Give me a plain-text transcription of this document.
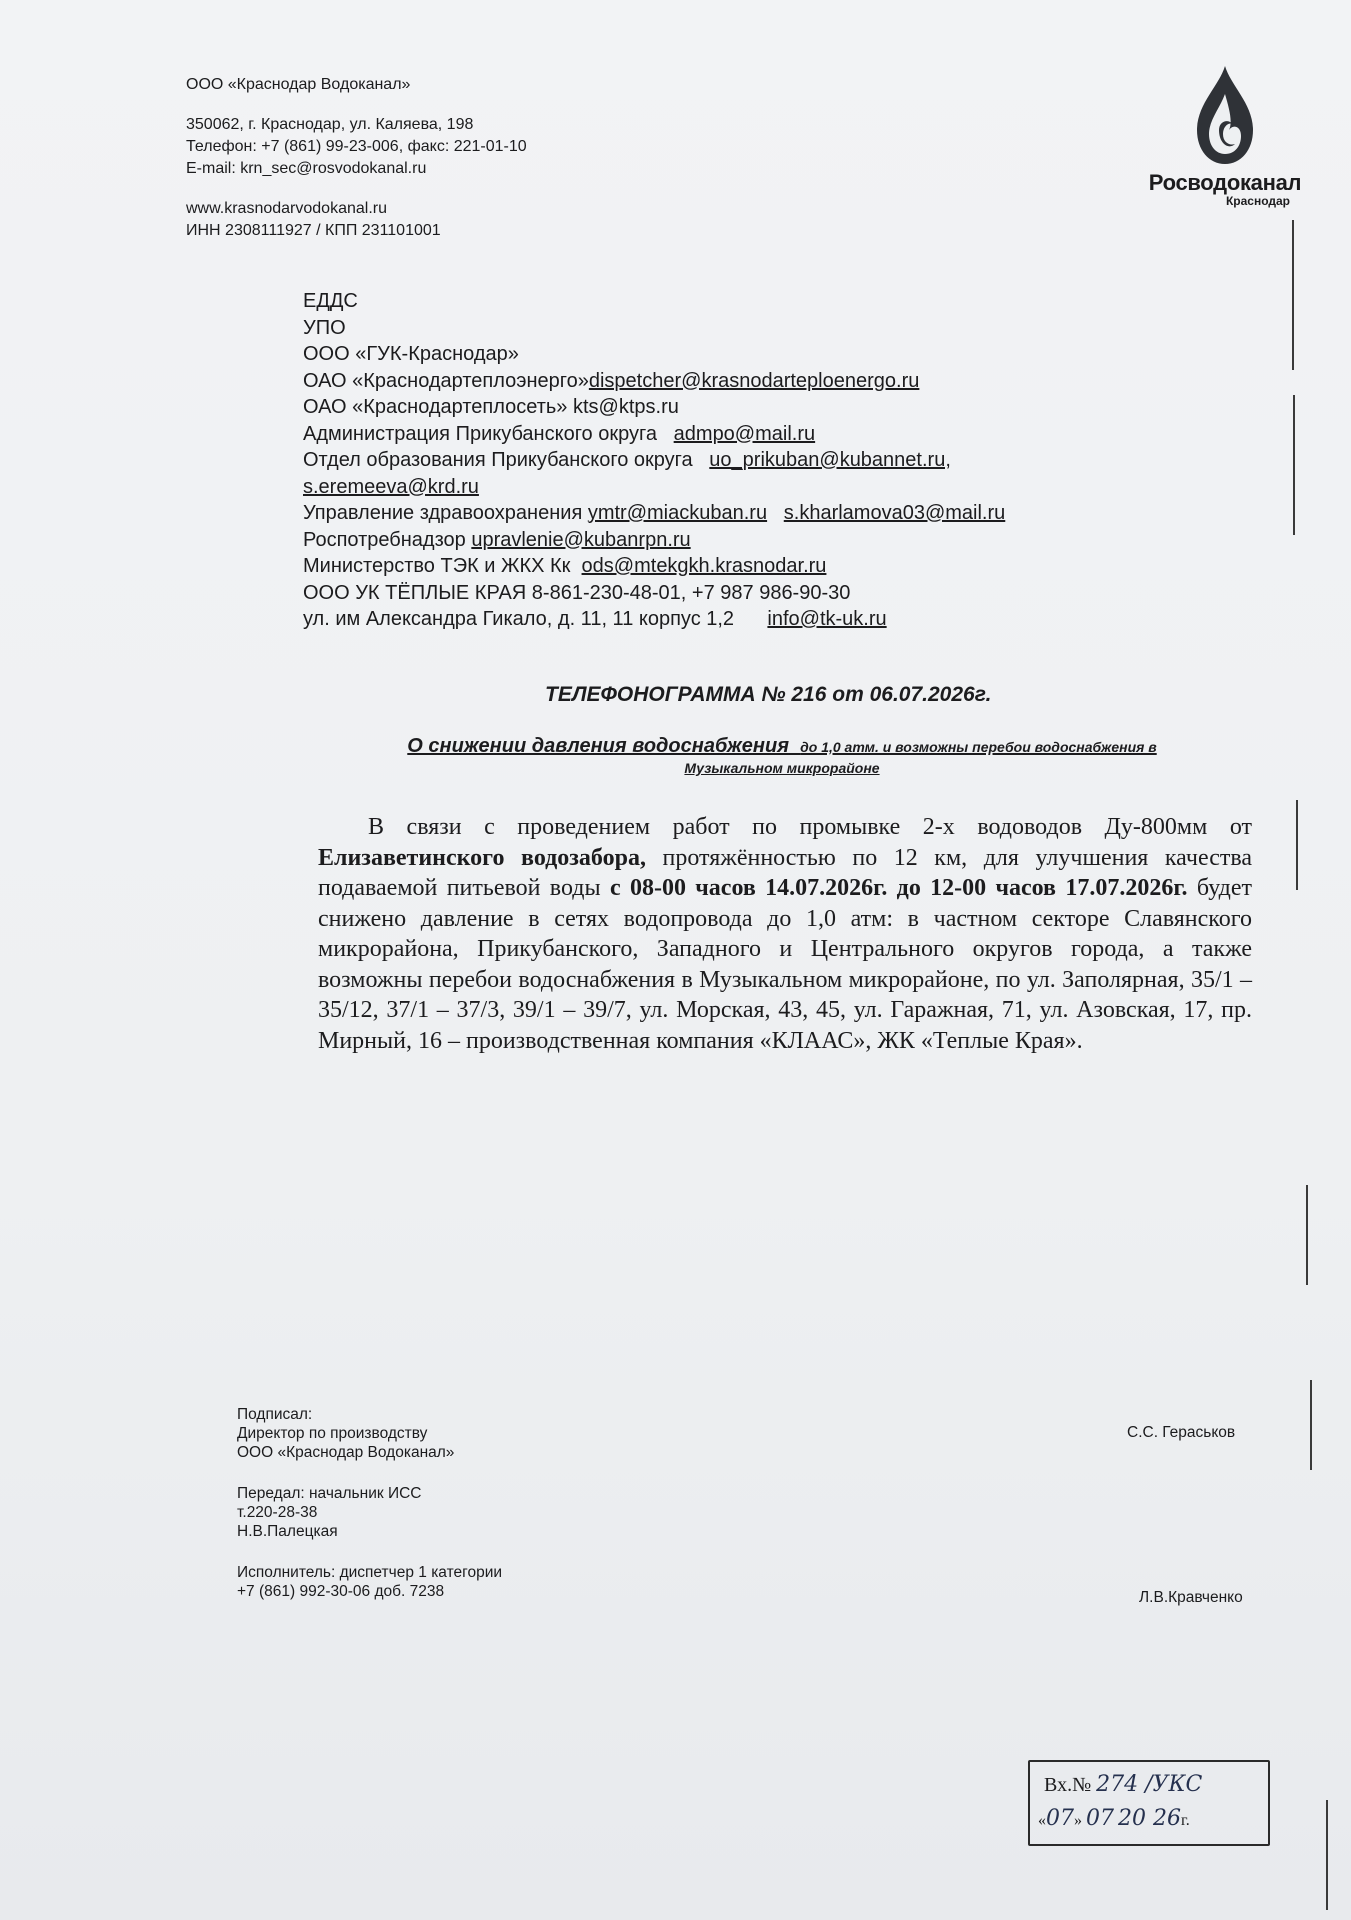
ООО «Краснодар Водоканал»
350062, г. Краснодар, ул. Каляева, 198
Телефон: +7 (861) 99-23-006, факс: 221-01-10
E-mail: krn_sec@rosvodokanal.ru
www.krasnodarvodokanal.ru
ИНН 2308111927 / КПП 231101001
Росводоканал
Краснодар
ЕДДС
УПО
ООО «ГУК-Краснодар»
ОАО «Краснодартеплоэнерго»dispetcher@krasnodarteploenergo.ru
ОАО «Краснодартеплосеть» kts@ktps.ru
Администрация Прикубанского округа admpo@mail.ru
Отдел образования Прикубанского округа uo_prikuban@kubannet.ru,
s.eremeeva@krd.ru
Управление здравоохранения ymtr@miackuban.ru s.kharlamova03@mail.ru
Роспотребнадзор upravlenie@kubanrpn.ru
Министерство ТЭК и ЖКХ Кк ods@mtekgkh.krasnodar.ru
ООО УК ТЁПЛЫЕ КРАЯ 8-861-230-48-01, +7 987 986-90-30
ул. им Александра Гикало, д. 11, 11 корпус 1,2 info@tk-uk.ru
ТЕЛЕФОНОГРАММА № 216 от 06.07.2026г.
О снижении давления водоснабжения до 1,0 атм. и возможны перебои водоснабжения в
Музыкальном микрорайоне
В связи с проведением работ по промывке 2-х водоводов Ду-800мм от Елизаветинского водозабора, протяжённостью по 12 км, для улучшения качества подаваемой питьевой воды с 08-00 часов 14.07.2026г. до 12-00 часов 17.07.2026г. будет снижено давление в сетях водопровода до 1,0 атм: в частном секторе Славянского микрорайона, Прикубанского, Западного и Центрального округов города, а также возможны перебои водоснабжения в Музыкальном микрорайоне, по ул. Заполярная, 35/1 – 35/12, 37/1 – 37/3, 39/1 – 39/7, ул. Морская, 43, 45, ул. Гаражная, 71, ул. Азовская, 17, пр. Мирный, 16 – производственная компания «КЛААС», ЖК «Теплые Края».
Подписал:
Директор по производству
ООО «Краснодар Водоканал»
Передал: начальник ИСС
т.220-28-38
Н.В.Палецкая
Исполнитель: диспетчер 1 категории
+7 (861) 992-30-06 доб. 7238
С.С. Гераськов
Л.В.Кравченко
Вх.№ 274 /УКС
«07» 07 20 26г.
